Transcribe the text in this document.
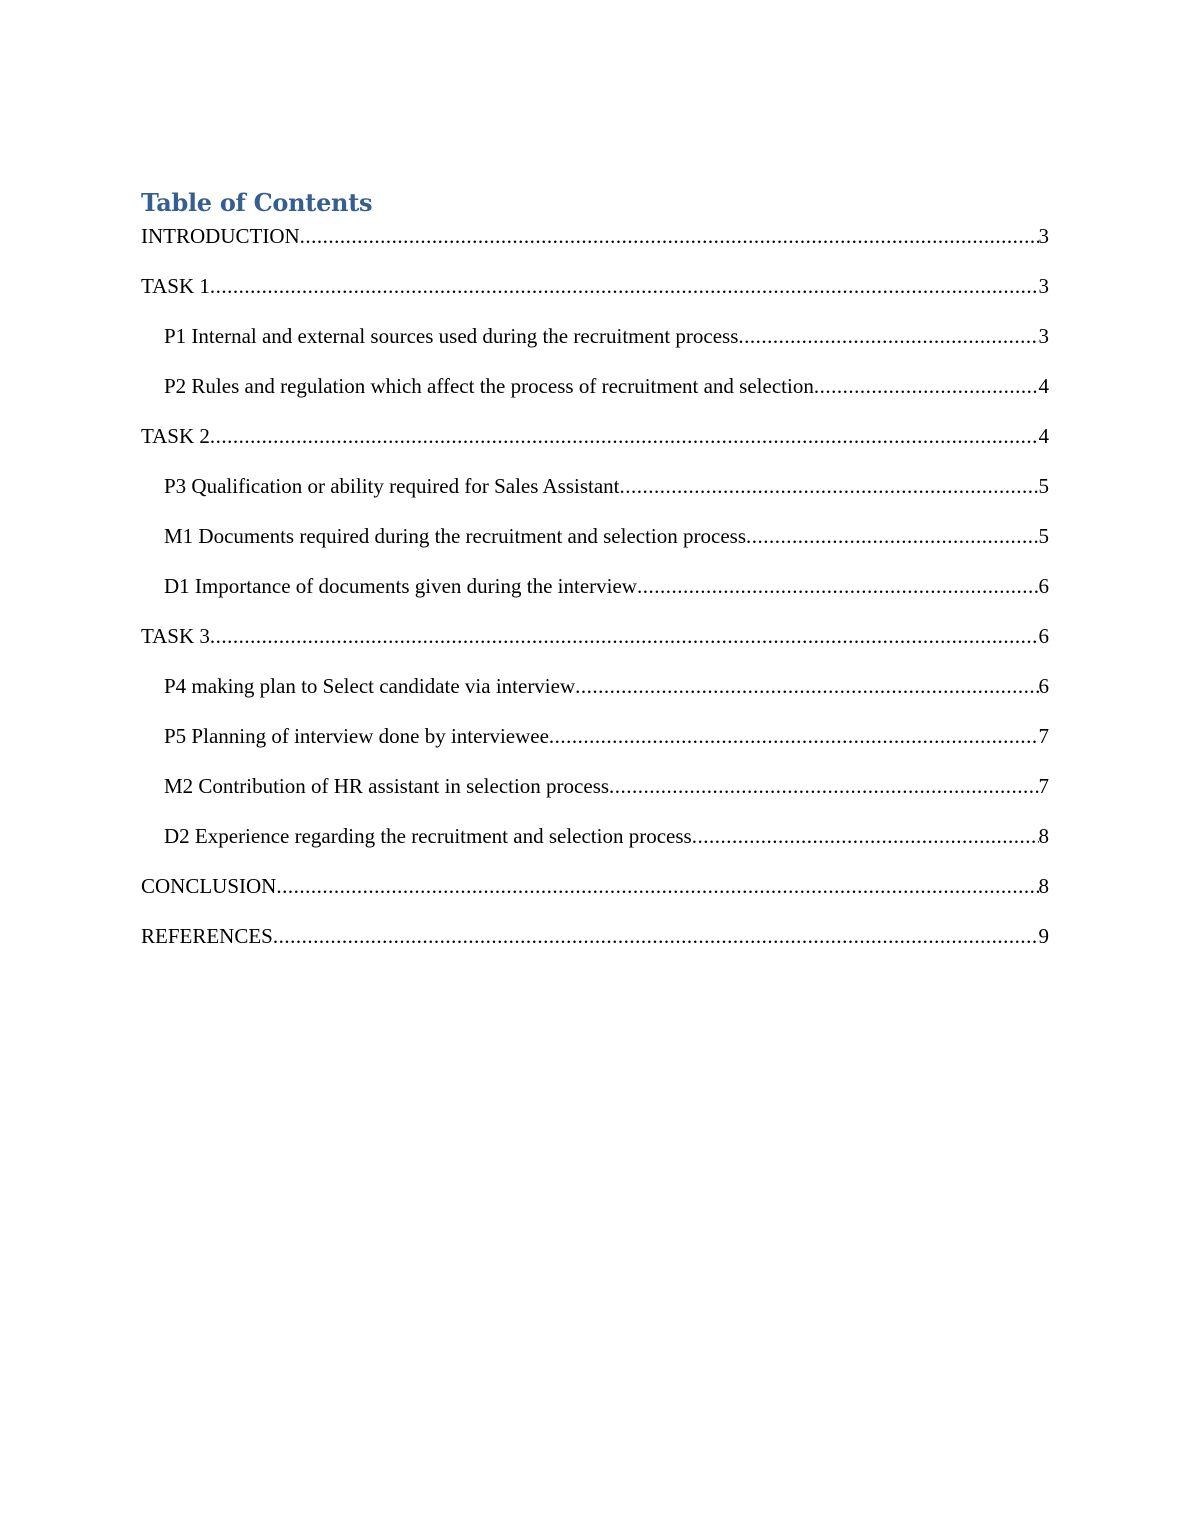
Table of Contents
INTRODUCTION .....	3
TASK 1 .....	3
P1 Internal and external sources used during the recruitment process .....	3
P2 Rules and regulation which affect the process of recruitment and selection .....	4
TASK 2 .....	4
P3 Qualification or ability required for Sales Assistant .....	5
M1 Documents required during the recruitment and selection process .....	5
D1 Importance of documents given during the interview .....	6
TASK 3 .....	6
P4 making plan to Select candidate via interview .....	6
P5 Planning of interview done by interviewee .....	7
M2 Contribution of HR assistant in selection process .....	7
D2 Experience regarding the recruitment and selection process .....	8
CONCLUSION .....	8
REFERENCES .....	9
